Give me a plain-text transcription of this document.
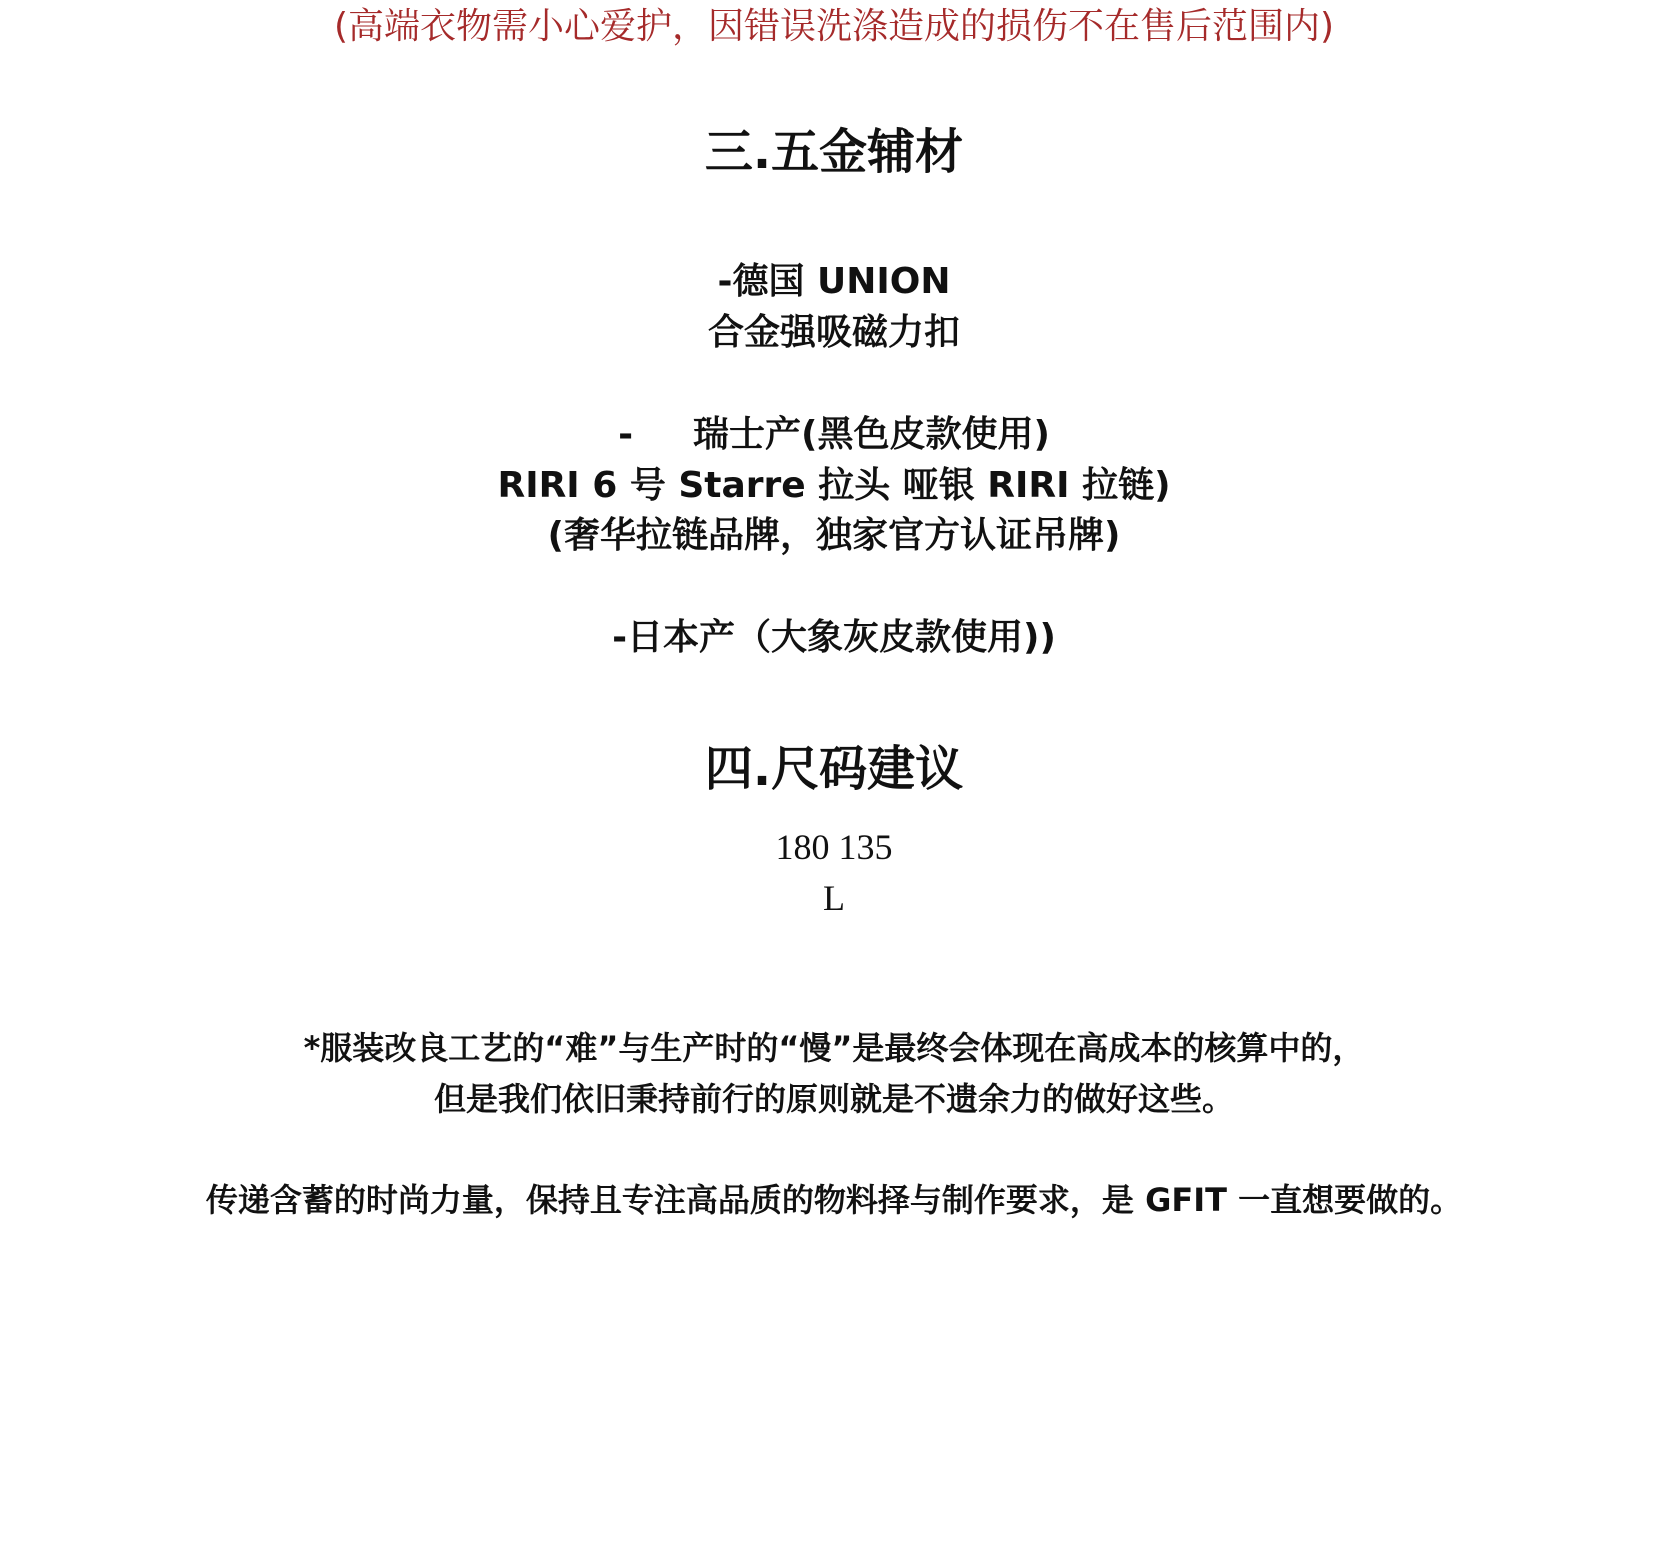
(高端衣物需小心爱护，因错误洗涤造成的损伤不在售后范围内)
三.五金辅材
-德国 UNION
合金强吸磁力扣
- 瑞士产(黑色皮款使用)
RIRI 6 号 Starre 拉头 哑银 RIRI 拉链)
(奢华拉链品牌，独家官方认证吊牌)
-日本产（大象灰皮款使用))
四.尺码建议
180 135
L
*服装改良工艺的“难”与生产时的“慢”是最终会体现在高成本的核算中的，
但是我们依旧秉持前行的原则就是不遗余力的做好这些。
传递含蓄的时尚力量，保持且专注高品质的物料择与制作要求，是 GFIT 一直想要做的。
